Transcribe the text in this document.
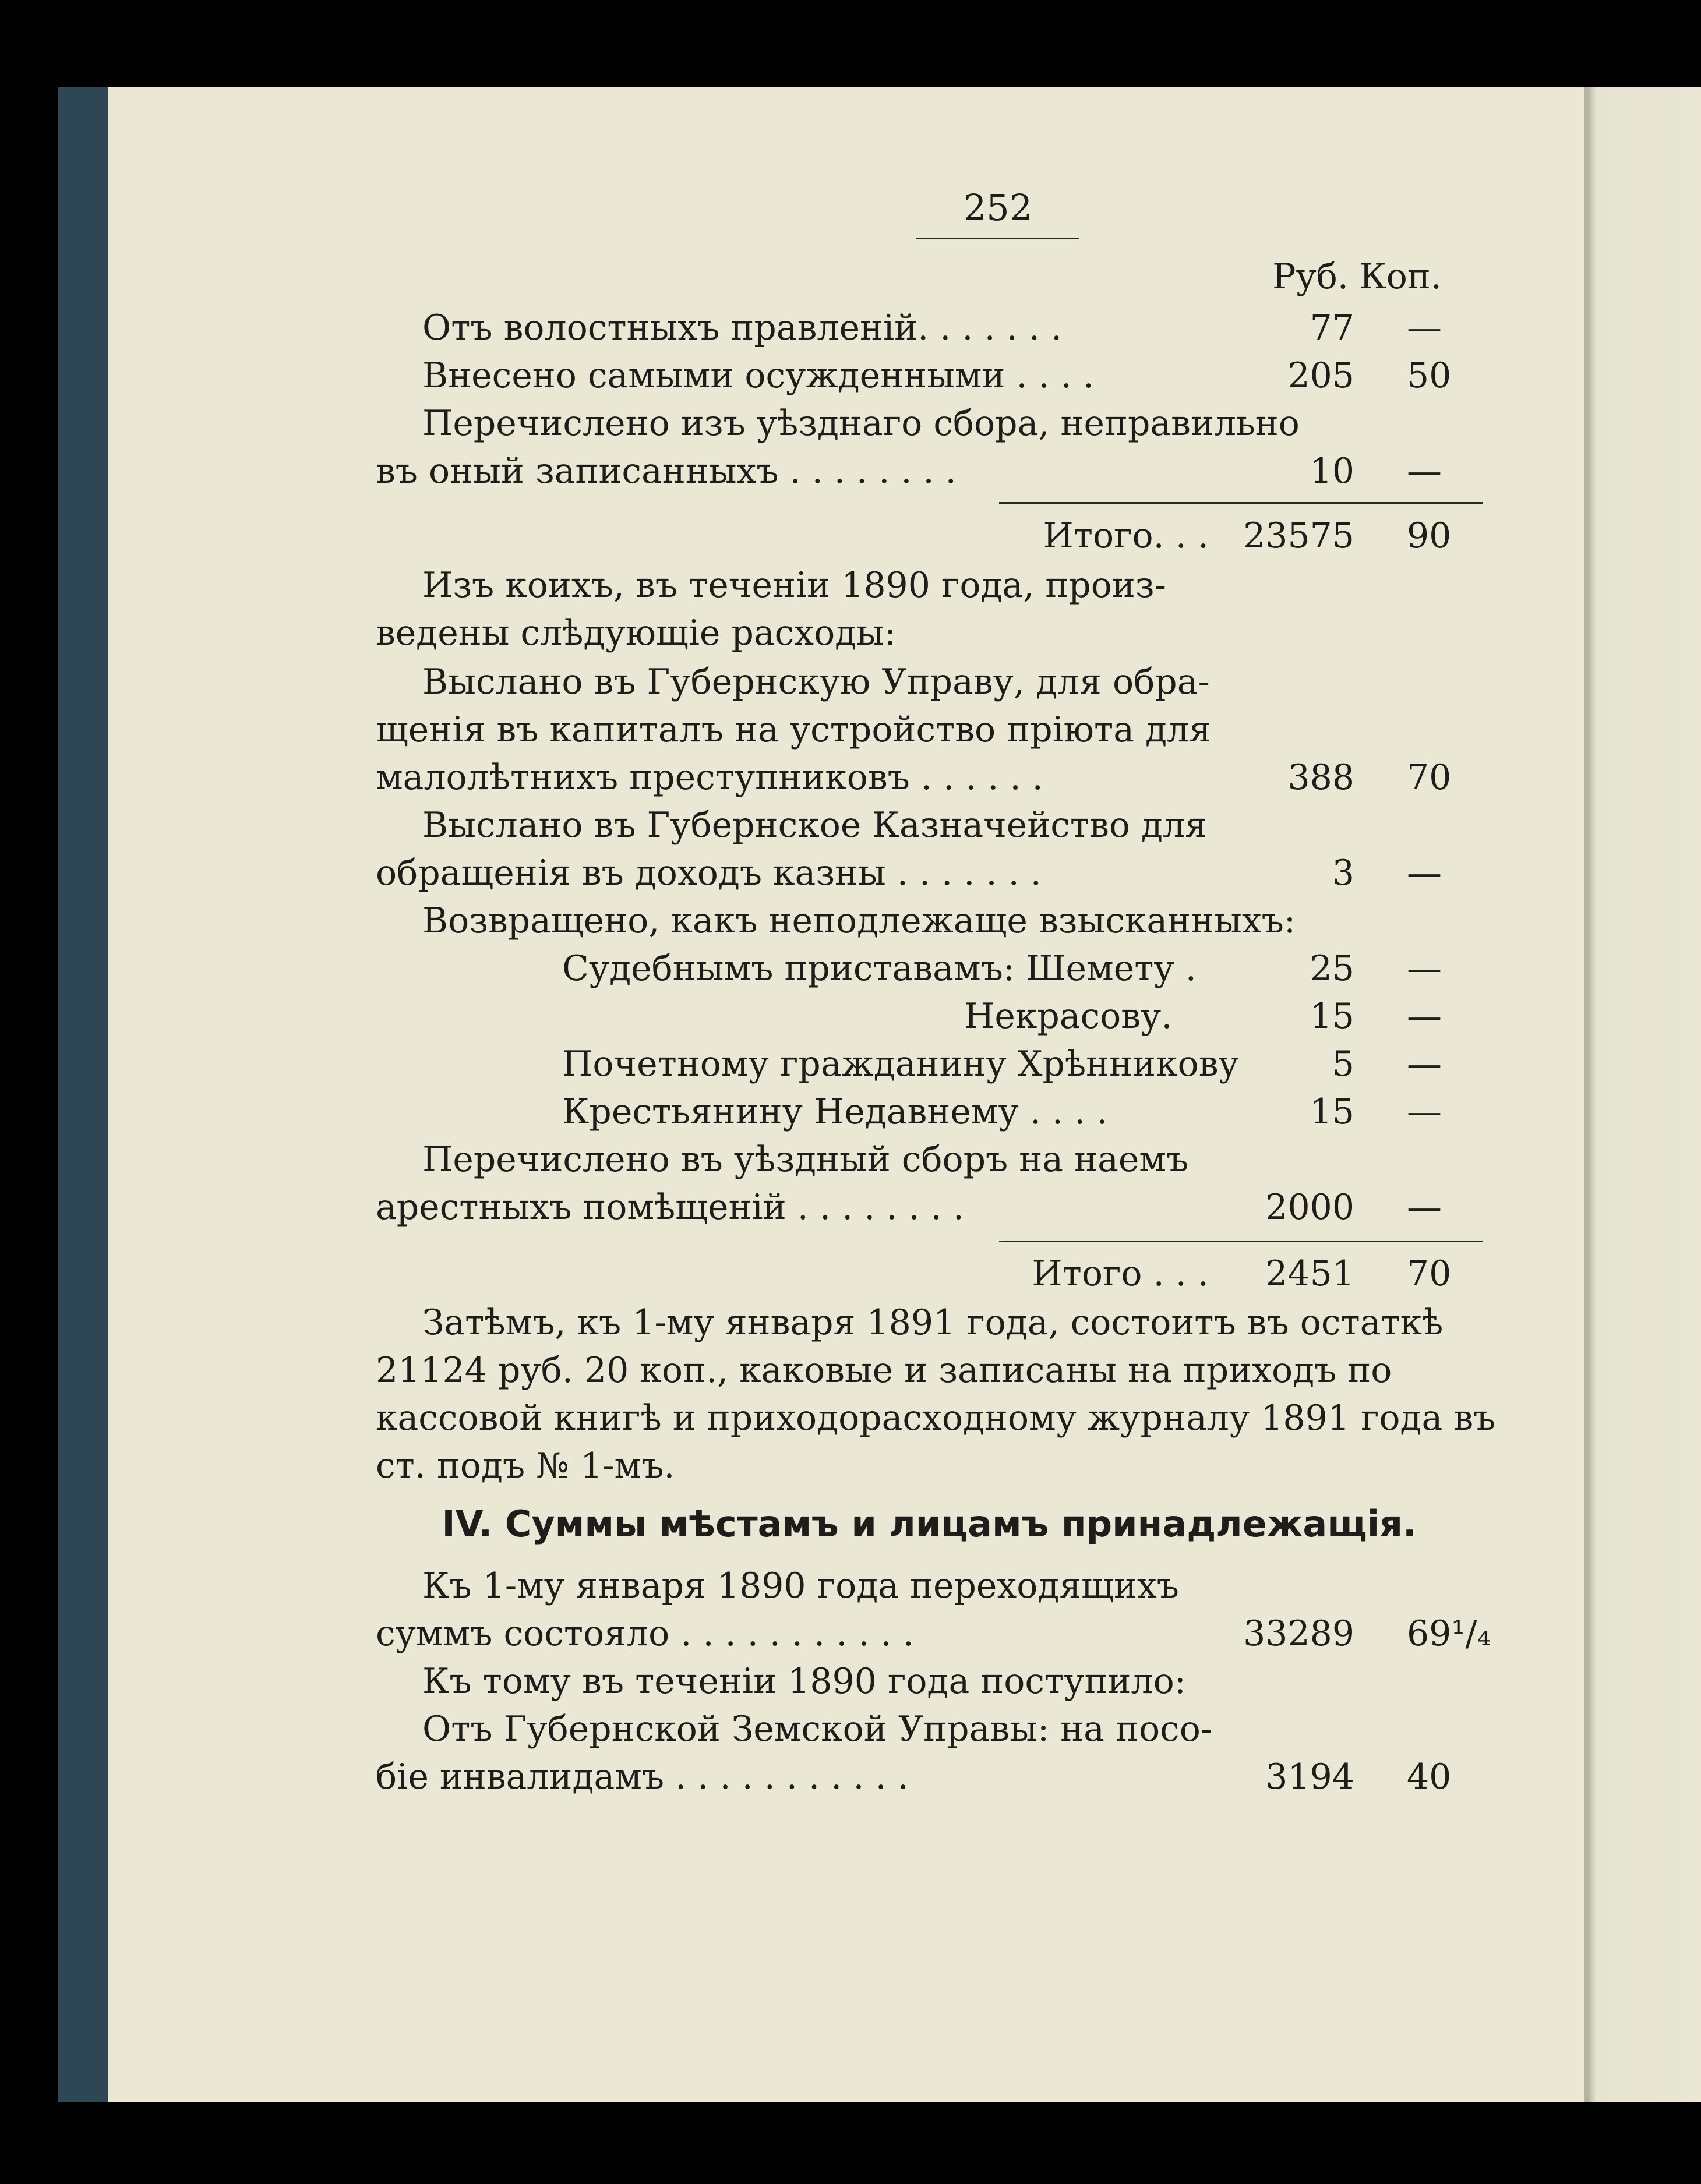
252
Руб. Коп.
Отъ волостныхъ правленій. . . . . . .	77 —
Внесено самыми осужденными . . . .	205 50
Перечислено изъ уѣзднаго сбора, неправильно
въ оный записанныхъ . . . . . . . .	10 —
Итого. . . 23575 90
Изъ коихъ, въ теченіи 1890 года, произ-
ведены слѣдующіе расходы:
Выслано въ Губернскую Управу, для обра-
щенія въ капиталъ на устройство пріюта для
малолѣтнихъ преступниковъ . . . . . .	388 70
Выслано въ Губернское Казначейство для
обращенія въ доходъ казны . . . . . . .	3 —
Возвращено, какъ неподлежаще взысканныхъ:
Судебнымъ приставамъ: Шемету .	25 —
Некрасову.	15 —
Почетному гражданину Хрѣнникову	5 —
Крестьянину Недавнему . . . .	15 —
Перечислено въ уѣздный сборъ на наемъ
арестныхъ помѣщеній . . . . . . . .	2000 —
Итого . . . 2451 70
Затѣмъ, къ 1-му января 1891 года, состоитъ въ остаткѣ
21124 руб. 20 коп., каковые и записаны на приходъ по
кассовой книгѣ и приходорасходному журналу 1891 года въ
ст. подъ № 1-мъ.
IV. Суммы мѣстамъ и лицамъ принадлежащія.
Къ 1-му января 1890 года переходящихъ
суммъ состояло . . . . . . . . . . .	33289 69¹/₄
Къ тому въ теченіи 1890 года поступило:
Отъ Губернской Земской Управы: на посо-
біе инвалидамъ . . . . . . . . . . .	3194 40
